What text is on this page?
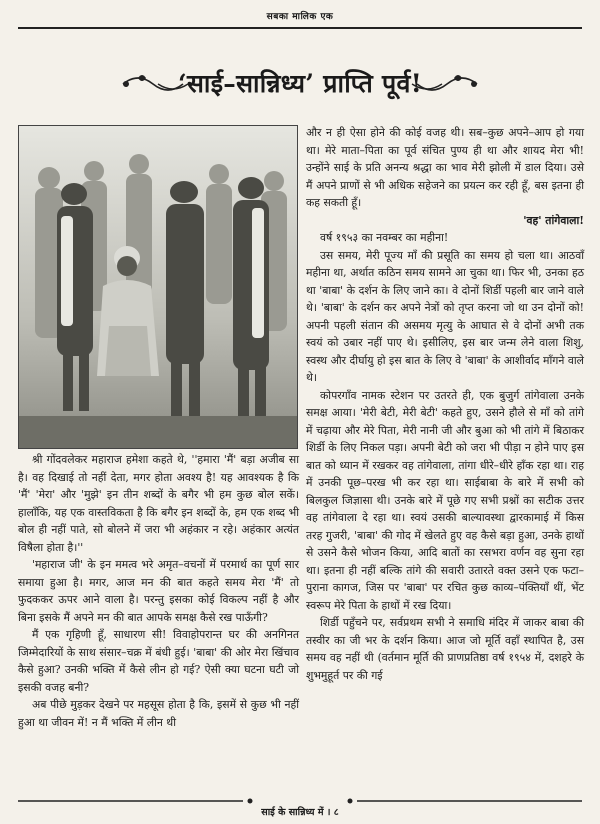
सबका मालिक एक
‘साई–सान्निध्य’ प्राप्ति पूर्व!

श्री गोंदवलेकर महाराज हमेशा कहते थे, ''हमारा 'मैं' बड़ा अजीब सा है। वह दिखाई तो नहीं देता, मगर होता अवश्य है! यह आवश्यक है कि 'मैं' 'मेरा' और 'मुझे' इन तीन शब्दों के बगैर भी हम कुछ बोल सकें। हालाँकि, यह एक वास्तविकता है कि बगैर इन शब्दों के, हम एक शब्द भी बोल ही नहीं पाते, सो बोलने में जरा भी अहंकार न रहे। अहंकार अत्यंत विषैला होता है।''

'महाराज जी' के इन ममत्व भरे अमृत–वचनों में परमार्थ का पूर्ण सार समाया हुआ है। मगर, आज मन की बात कहते समय मेरा 'मैं' तो फुदककर ऊपर आने वाला है। परन्तु इसका कोई विकल्प नहीं है और बिना इसके मैं अपने मन की बात आपके समक्ष कैसे रख पाऊँगी?

मैं एक गृहिणी हूँ, साधारण सी! विवाहोपरान्त घर की अनगिनत जिम्मेदारियों के साथ संसार–चक्र में बंधी हुई। 'बाबा' की ओर मेरा खिंचाव कैसे हुआ? उनकी भक्ति में कैसे लीन हो गई? ऐसी क्या घटना घटी जो इसकी वजह बनी?

अब पीछे मुड़कर देखने पर महसूस होता है कि, इसमें से कुछ भी नहीं हुआ था जीवन में! न मैं भक्ति में लीन थी

और न ही ऐसा होने की कोई वजह थी। सब–कुछ अपने–आप हो गया था। मेरे माता–पिता का पूर्व संचित पुण्य ही था और शायद मेरा भी! उन्होंने साई के प्रति अनन्य श्रद्धा का भाव मेरी झोली में डाल दिया। उसे मैं अपने प्राणों से भी अधिक सहेजने का प्रयत्न कर रही हूँ, बस इतना ही कह सकती हूँ।

'वह' तांगेवाला!

वर्ष १९५३ का नवम्बर का महीना!

उस समय, मेरी पूज्य माँ की प्रसूति का समय हो चला था। आठवाँ महीना था, अर्थात कठिन समय सामने आ चुका था। फिर भी, उनका हठ था 'बाबा' के दर्शन के लिए जाने का। वे दोनों शिर्डी पहली बार जाने वाले थे। 'बाबा' के दर्शन कर अपने नेत्रों को तृप्त करना जो था उन दोनों को! अपनी पहली संतान की असमय मृत्यु के आघात से वे दोनों अभी तक स्वयं को उबार नहीं पाए थे। इसीलिए, इस बार जन्म लेने वाला शिशु, स्वस्थ और दीर्घायु हो इस बात के लिए वे 'बाबा' के आशीर्वाद माँगने वाले थे।

कोपरगाँव नामक स्टेशन पर उतरते ही, एक बुजुर्ग तांगेवाला उनके समक्ष आया। 'मेरी बेटी, मेरी बेटी' कहते हुए, उसने हौले से माँ को तांगे में चढ़ाया और मेरे पिता, मेरी नानी जी और बुआ को भी तांगे में बिठाकर शिर्डी के लिए निकल पड़ा। अपनी बेटी को जरा भी पीड़ा न होने पाए इस बात को ध्यान में रखकर वह तांगेवाला, तांगा धीरे–धीरे हाँक रहा था। राह में उनकी पूछ–परख भी कर रहा था। साईबाबा के बारे में सभी को बिलकुल जिज्ञासा थी। उनके बारे में पूछे गए सभी प्रश्नों का सटीक उत्तर वह तांगेवाला दे रहा था। स्वयं उसकी बाल्यावस्था द्वारकामाई में किस तरह गुजरी, 'बाबा' की गोद में खेलते हुए वह कैसे बड़ा हुआ, उनके हाथों से उसने कैसे भोजन किया, आदि बातों का रसभरा वर्णन वह सुना रहा था। इतना ही नहीं बल्कि तांगे की सवारी उतारते वक्त उसने एक फटा–पुराना कागज, जिस पर 'बाबा' पर रचित कुछ काव्य–पंक्तियाँ थीं, भेंट स्वरूप मेरे पिता के हाथों में रख दिया।

शिर्डी पहुँचने पर, सर्वप्रथम सभी ने समाधि मंदिर में जाकर बाबा की तस्वीर का जी भर के दर्शन किया। आज जो मूर्ति वहाँ स्थापित है, उस समय वह नहीं थी (वर्तमान मूर्ति की प्राणप्रतिष्ठा वर्ष १९५४ में, दशहरे के शुभमुहूर्त पर की गई

साई के सान्निध्य में । ८
